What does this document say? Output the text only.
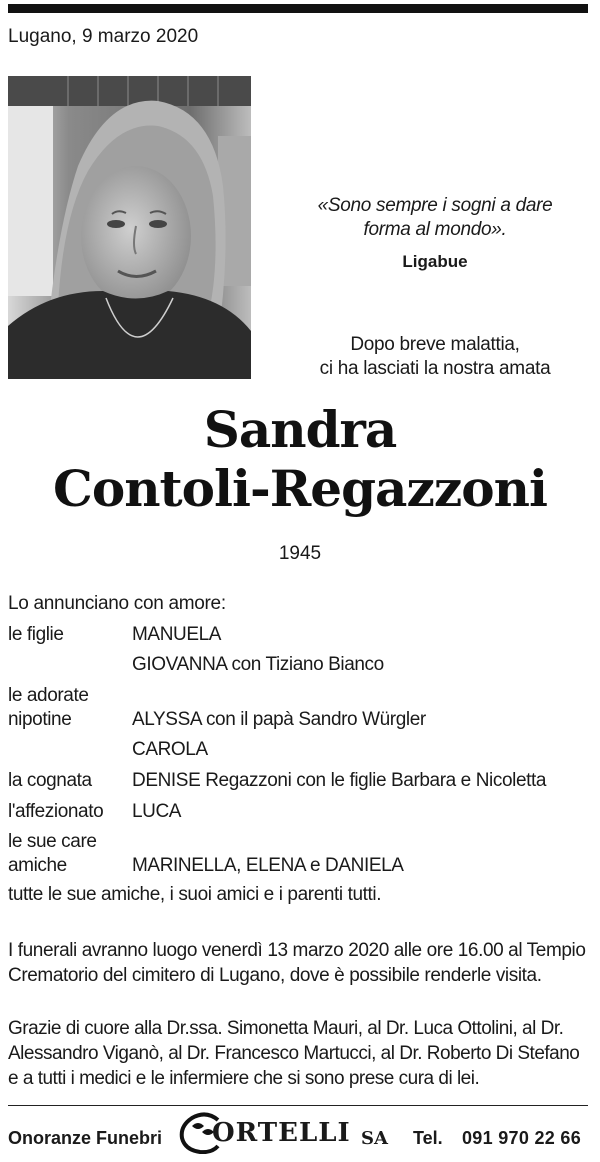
Lugano, 9 marzo 2020
«Sono sempre i sogni a dare
forma al mondo».
Ligabue
Dopo breve malattia,
ci ha lasciati la nostra amata
Sandra
Contoli-Regazzoni
1945
Lo annunciano con amore:
le figlie	MANUELA
GIOVANNA con Tiziano Bianco
le adorate
nipotine	ALYSSA con il papà Sandro Würgler
CAROLA
la cognata DENISE Regazzoni con le figlie Barbara e Nicoletta
l'affezionato LUCA
le sue care
amiche	MARINELLA, ELENA e DANIELA
tutte le sue amiche, i suoi amici e i parenti tutti.
I funerali avranno luogo venerdì 13 marzo 2020 alle ore 16.00 al Tempio Crematorio del cimitero di Lugano, dove è possibile renderle visita.
Grazie di cuore alla Dr.ssa. Simonetta Mauri, al Dr. Luca Ottolini, al Dr. Alessandro Viganò, al Dr. Francesco Martucci, al Dr. Roberto Di Stefano e a tutti i medici e le infermiere che si sono prese cura di lei.
Onoranze Funebri ORTELLI SA Tel. 091 970 22 66
